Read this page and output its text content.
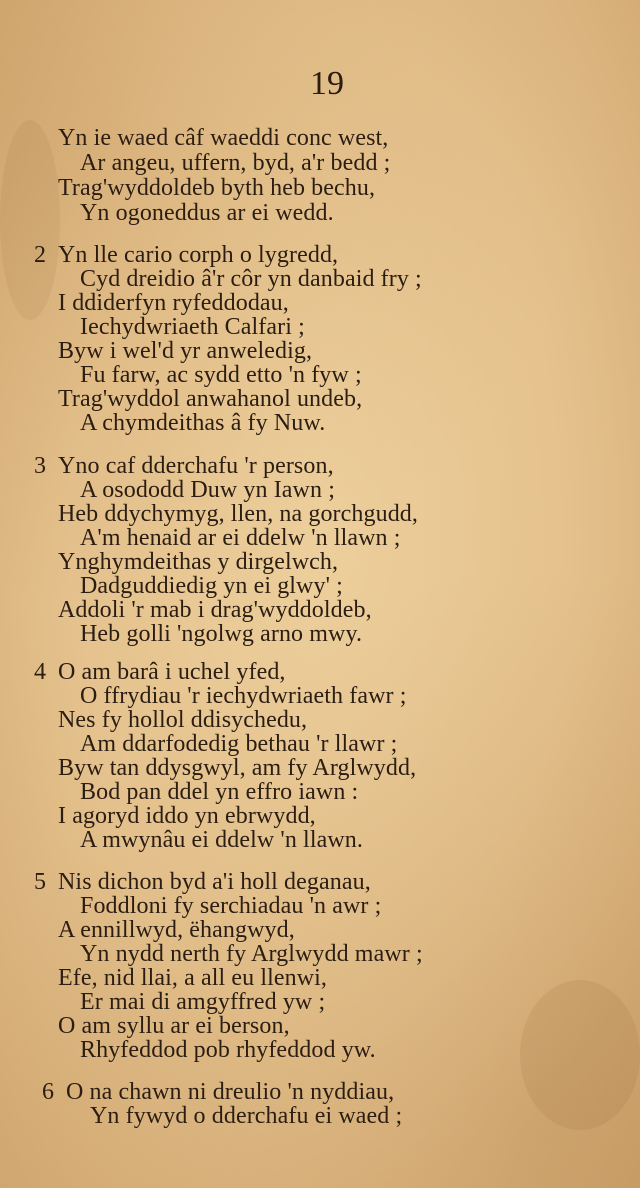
19
Yn ie waed câf waeddi conc west,
Ar angeu, uffern, byd, a'r bedd ;
Trag'wyddoldeb byth heb bechu,
Yn ogoneddus ar ei wedd.
2 Yn lle cario corph o lygredd,
Cyd dreidio â'r côr yn danbaid fry ;
I ddiderfyn ryfeddodau,
Iechydwriaeth Calfari ;
Byw i wel'd yr anweledig,
Fu farw, ac sydd etto 'n fyw ;
Trag'wyddol anwahanol undeb,
A chymdeithas â fy Nuw.
3 Yno caf dderchafu 'r person,
A osododd Duw yn Iawn ;
Heb ddychymyg, llen, na gorchgudd,
A'm henaid ar ei ddelw 'n llawn ;
Ynghymdeithas y dirgelwch,
Dadguddiedig yn ei glwy' ;
Addoli 'r mab i drag'wyddoldeb,
Heb golli 'ngolwg arno mwy.
4 O am barâ i uchel yfed,
O ffrydiau 'r iechydwriaeth fawr ;
Nes fy hollol ddisychedu,
Am ddarfodedig bethau 'r llawr ;
Byw tan ddysgwyl, am fy Arglwydd,
Bod pan ddel yn effro iawn :
I agoryd iddo yn ebrwydd,
A mwynâu ei ddelw 'n llawn.
5 Nis dichon byd a'i holl deganau,
Foddloni fy serchiadau 'n awr ;
A ennillwyd, ëhangwyd,
Yn nydd nerth fy Arglwydd mawr ;
Efe, nid llai, a all eu llenwi,
Er mai di amgyffred yw ;
O am syllu ar ei berson,
Rhyfeddod pob rhyfeddod yw.
6 O na chawn ni dreulio 'n nyddiau,
Yn fywyd o dderchafu ei waed ;
